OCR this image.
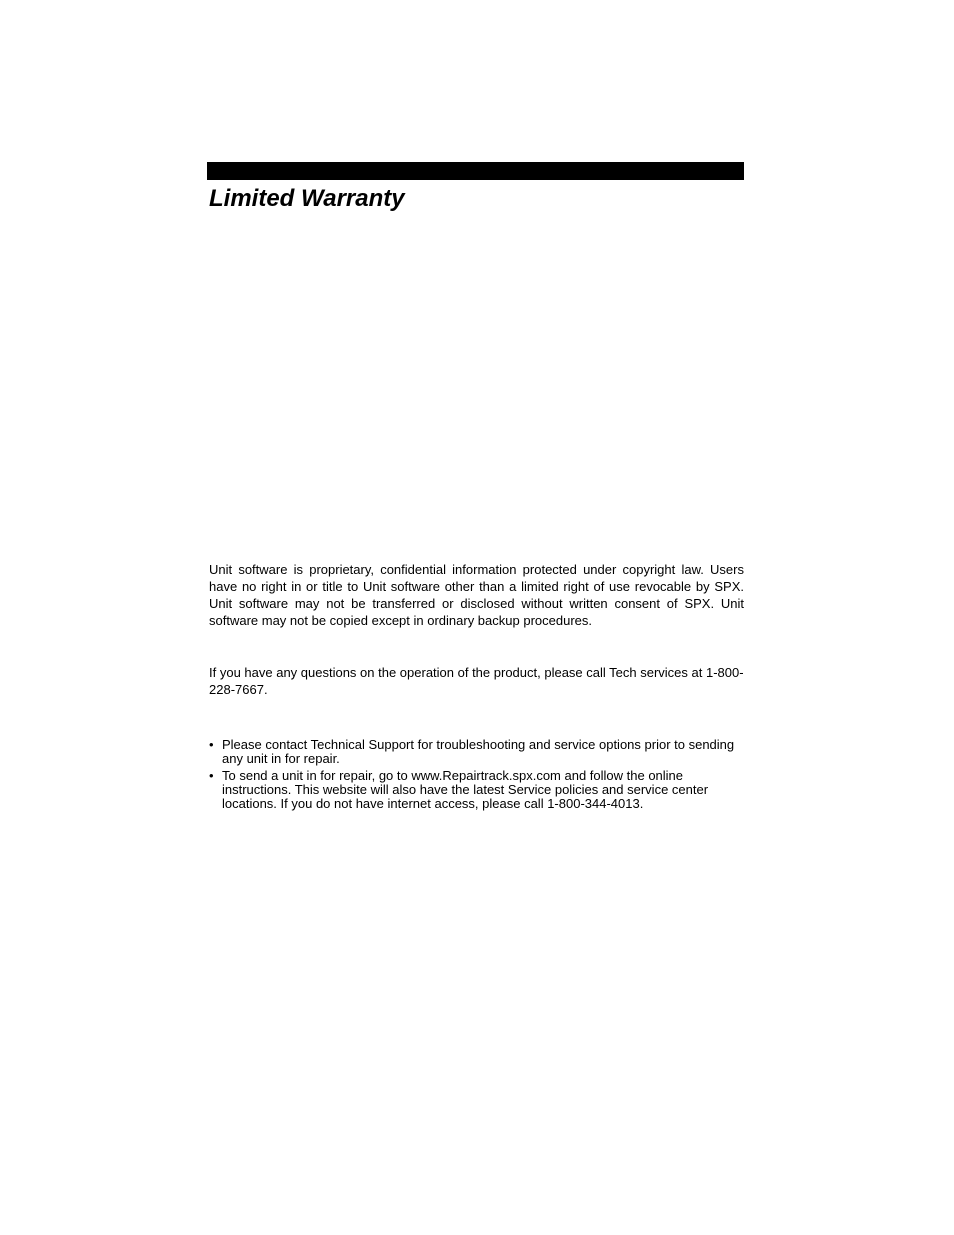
Limited Warranty

Unit software is proprietary, confidential information protected under copyright law. Users have no right in or title to Unit software other than a limited right of use revocable by SPX. Unit software may not be transferred or disclosed without written consent of SPX. Unit software may not be copied except in ordinary backup procedures.

If you have any questions on the operation of the product, please call Tech services at 1-800-228-7667.

• Please contact Technical Support for troubleshooting and service options prior to sending any unit in for repair.
• To send a unit in for repair, go to www.Repairtrack.spx.com and follow the online instructions. This website will also have the latest Service policies and service center locations. If you do not have internet access, please call 1-800-344-4013.
